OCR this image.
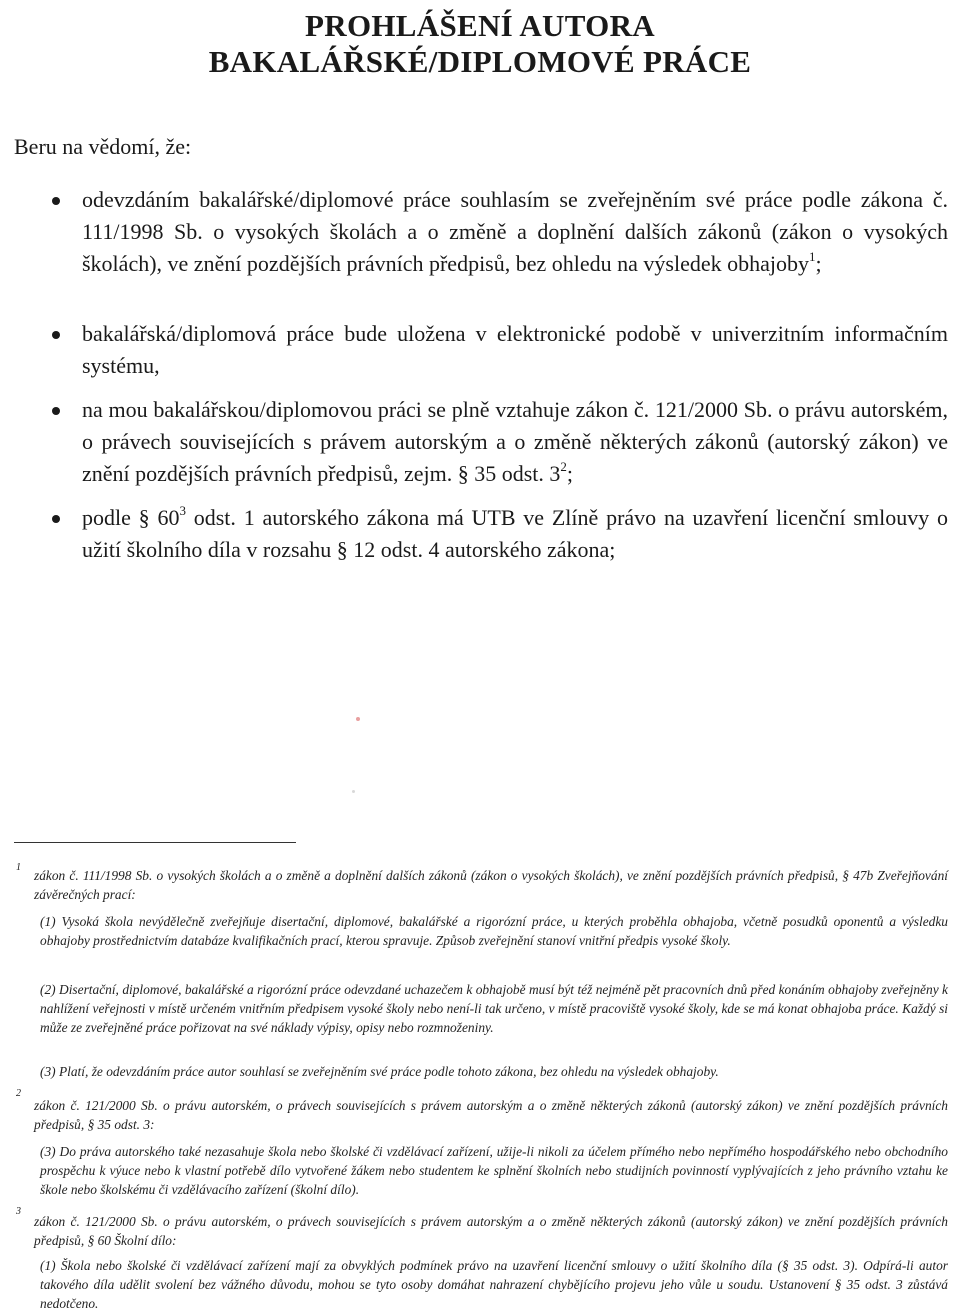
PROHLÁŠENÍ AUTORA
BAKALÁŘSKÉ/DIPLOMOVÉ PRÁCE
Beru na vědomí, že:
odevzdáním bakalářské/diplomové práce souhlasím se zveřejněním své práce podle zákona č. 111/1998 Sb. o vysokých školách a o změně a doplnění dalších zákonů (zákon o vysokých školách), ve znění pozdějších právních předpisů, bez ohledu na výsledek obhajoby$^1$;
bakalářská/diplomová práce bude uložena v elektronické podobě v univerzitním informačním systému,
na mou bakalářskou/diplomovou práci se plně vztahuje zákon č. 121/2000 Sb. o právu autorském, o právech souvisejících s právem autorským a o změně některých zákonů (autorský zákon) ve znění pozdějších právních předpisů, zejm. § 35 odst. $3^2$;
podle § $60^3$ odst. 1 autorského zákona má UTB ve Zlíně právo na uzavření licenční smlouvy o užití školního díla v rozsahu § 12 odst. 4 autorského zákona;
1
zákon č. 111/1998 Sb. o vysokých školách a o změně a doplnění dalších zákonů (zákon o vysokých školách), ve znění pozdějších právních předpisů, § 47b Zveřejňování závěrečných prací:
(1) Vysoká škola nevýdělečně zveřejňuje disertační, diplomové, bakalářské a rigorózní práce, u kterých proběhla obhajoba, včetně posudků oponentů a výsledku obhajoby prostřednictvím databáze kvalifikačních prací, kterou spravuje. Způsob zveřejnění stanoví vnitřní předpis vysoké školy.
(2) Disertační, diplomové, bakalářské a rigorózní práce odevzdané uchazečem k obhajobě musí být též nejméně pět pracovních dnů před konáním obhajoby zveřejněny k nahlížení veřejnosti v místě určeném vnitřním předpisem vysoké školy nebo není-li tak určeno, v místě pracoviště vysoké školy, kde se má konat obhajoba práce. Každý si může ze zveřejněné práce pořizovat na své náklady výpisy, opisy nebo rozmnoženiny.
(3) Platí, že odevzdáním práce autor souhlasí se zveřejněním své práce podle tohoto zákona, bez ohledu na výsledek obhajoby.
2
zákon č. 121/2000 Sb. o právu autorském, o právech souvisejících s právem autorským a o změně některých zákonů (autorský zákon) ve znění pozdějších právních předpisů, § 35 odst. 3:
(3) Do práva autorského také nezasahuje škola nebo školské či vzdělávací zařízení, užije-li nikoli za účelem přímého nebo nepřímého hospodářského nebo obchodního prospěchu k výuce nebo k vlastní potřebě dílo vytvořené žákem nebo studentem ke splnění školních nebo studijních povinností vyplývajících z jeho právního vztahu ke škole nebo školskému či vzdělávacího zařízení (školní dílo).
3
zákon č. 121/2000 Sb. o právu autorském, o právech souvisejících s právem autorským a o změně některých zákonů (autorský zákon) ve znění pozdějších právních předpisů, § 60 Školní dílo:
(1) Škola nebo školské či vzdělávací zařízení mají za obvyklých podmínek právo na uzavření licenční smlouvy o užití školního díla (§ 35 odst. 3). Odpírá-li autor takového díla udělit svolení bez vážného důvodu, mohou se tyto osoby domáhat nahrazení chybějícího projevu jeho vůle u soudu. Ustanovení § 35 odst. 3 zůstává nedotčeno.
